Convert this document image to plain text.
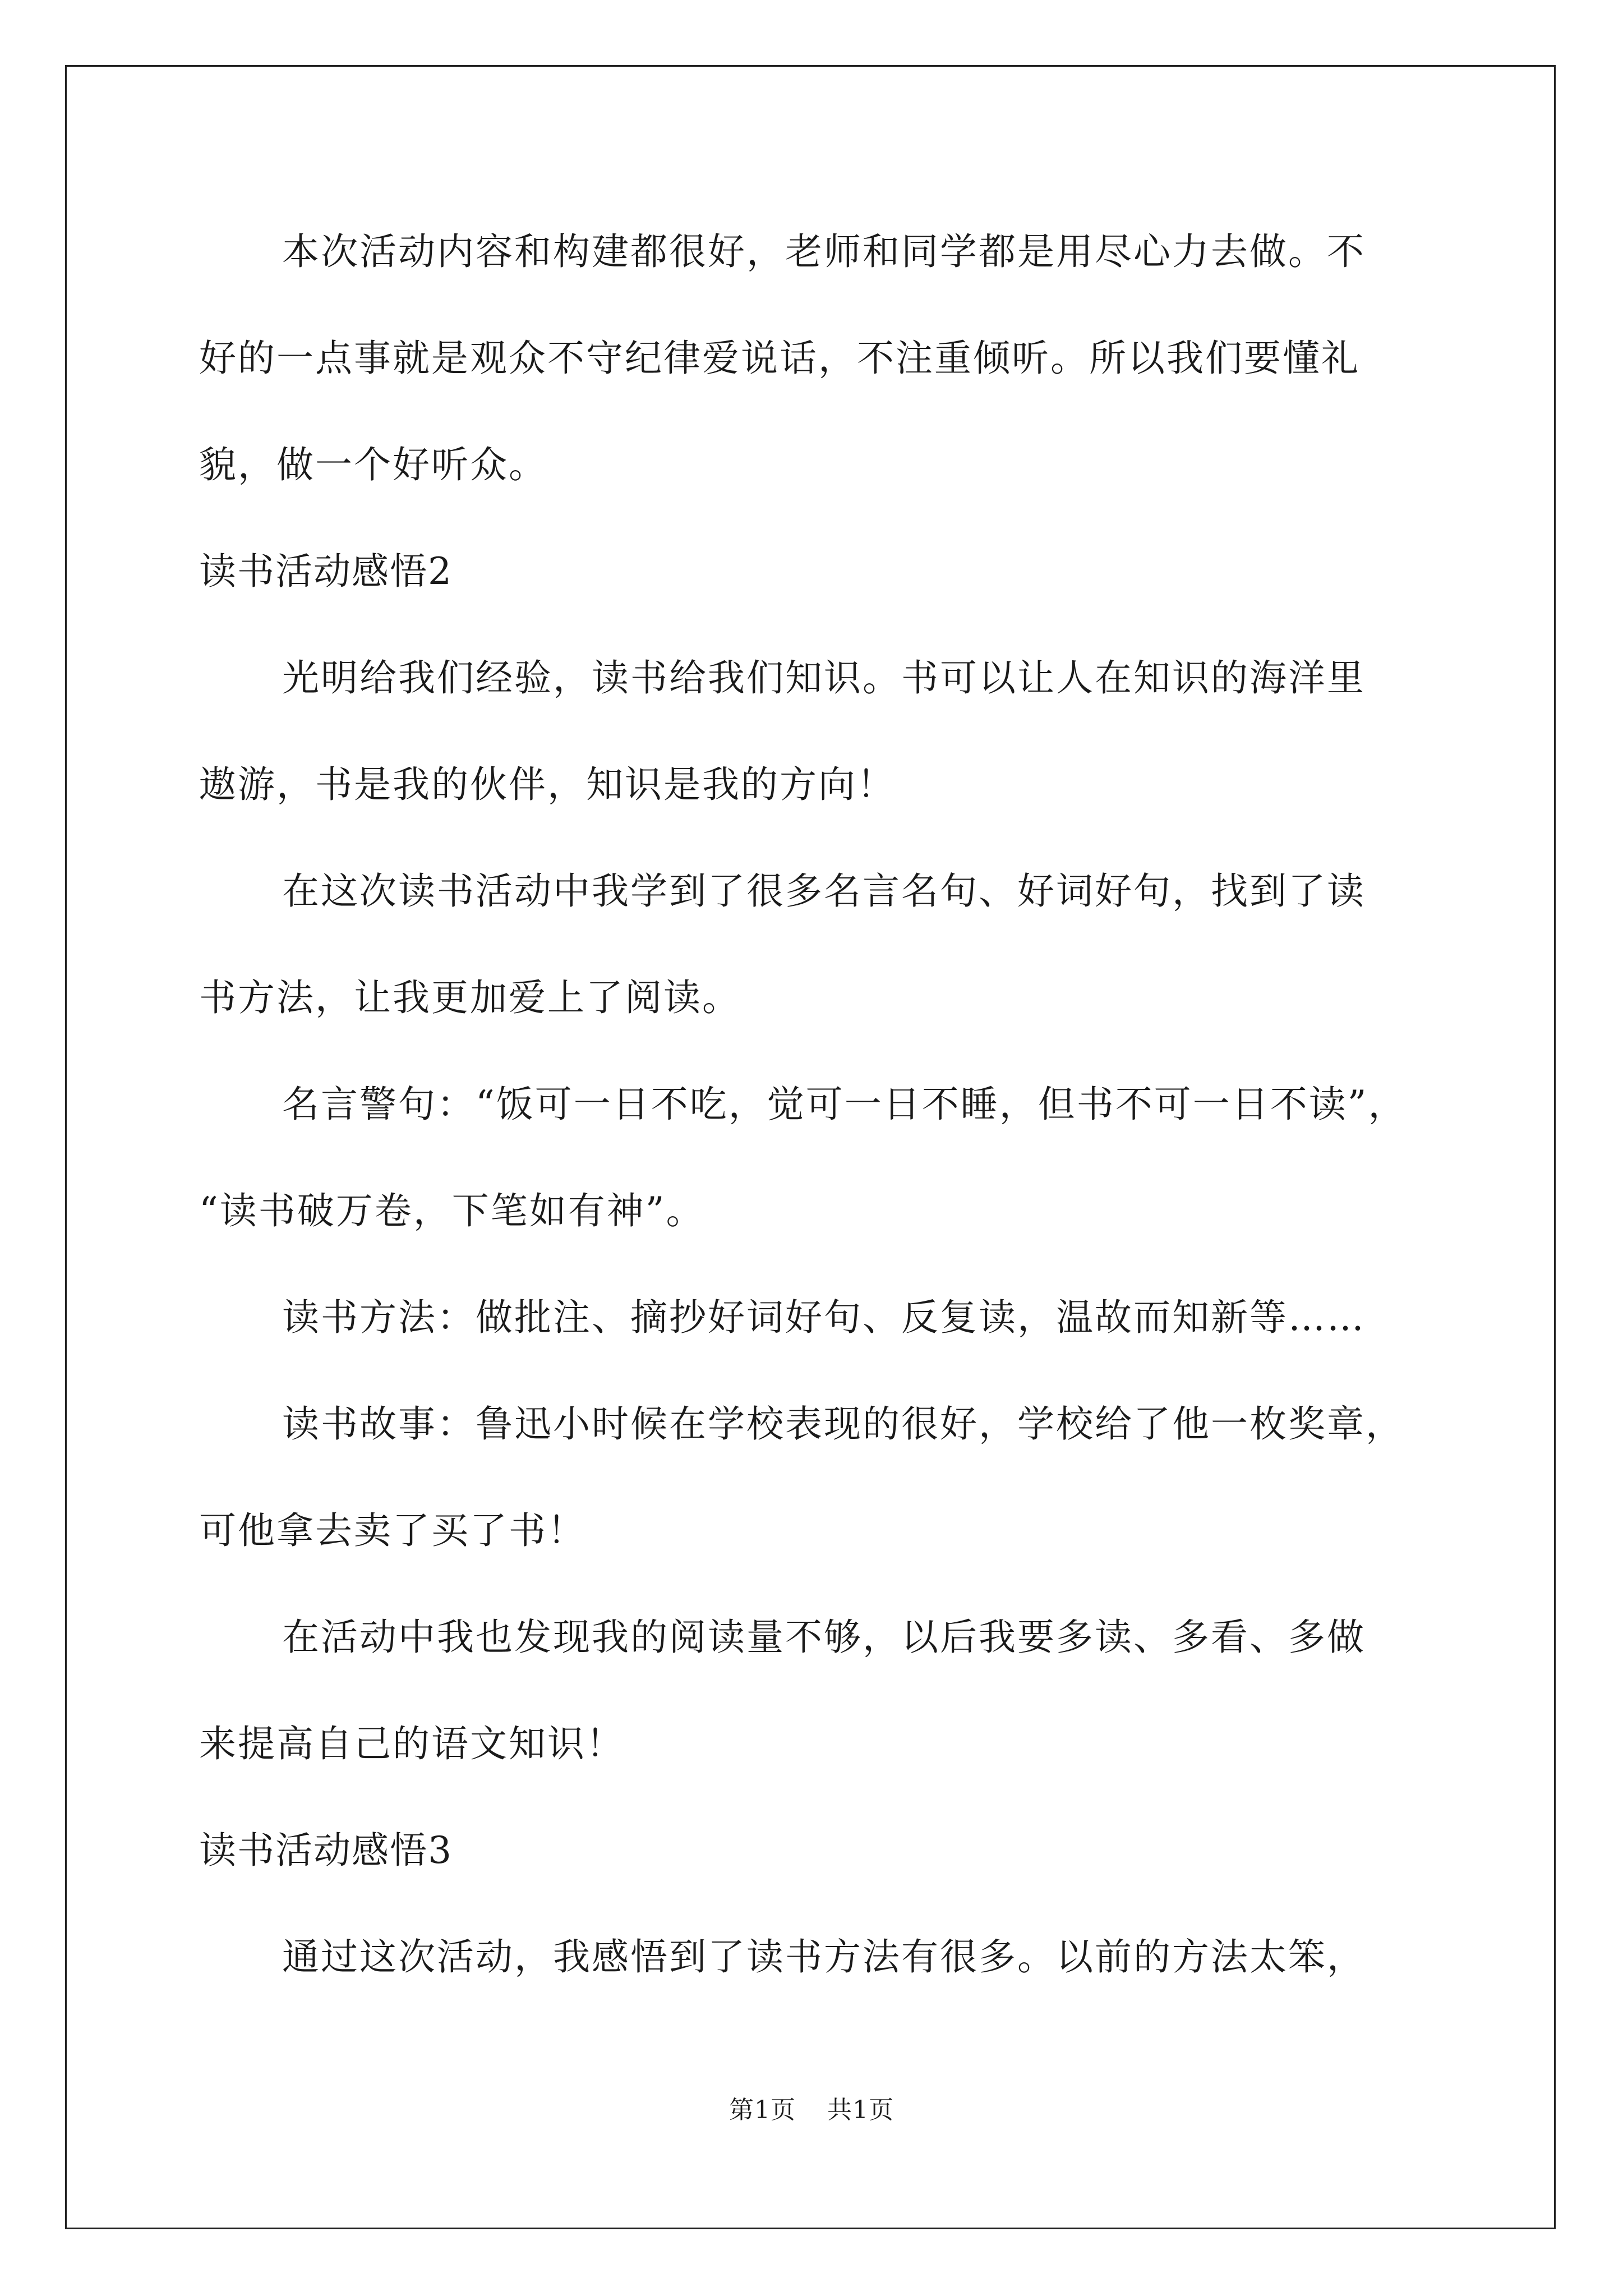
本次活动内容和构建都很好，老师和同学都是用尽心力去做。不

好的一点事就是观众不守纪律爱说话，不注重倾听。所以我们要懂礼

貌，做一个好听众。

读书活动感悟2

光明给我们经验，读书给我们知识。书可以让人在知识的海洋里

遨游，书是我的伙伴，知识是我的方向！

在这次读书活动中我学到了很多名言名句、好词好句，找到了读

书方法，让我更加爱上了阅读。

名言警句：“饭可一日不吃，觉可一日不睡，但书不可一日不读”，

“读书破万卷，下笔如有神”。

读书方法：做批注、摘抄好词好句、反复读，温故而知新等……

读书故事：鲁迅小时候在学校表现的很好，学校给了他一枚奖章，

可他拿去卖了买了书！

在活动中我也发现我的阅读量不够，以后我要多读、多看、多做

来提高自己的语文知识！

读书活动感悟3

通过这次活动，我感悟到了读书方法有很多。以前的方法太笨，

第1页 共1页
